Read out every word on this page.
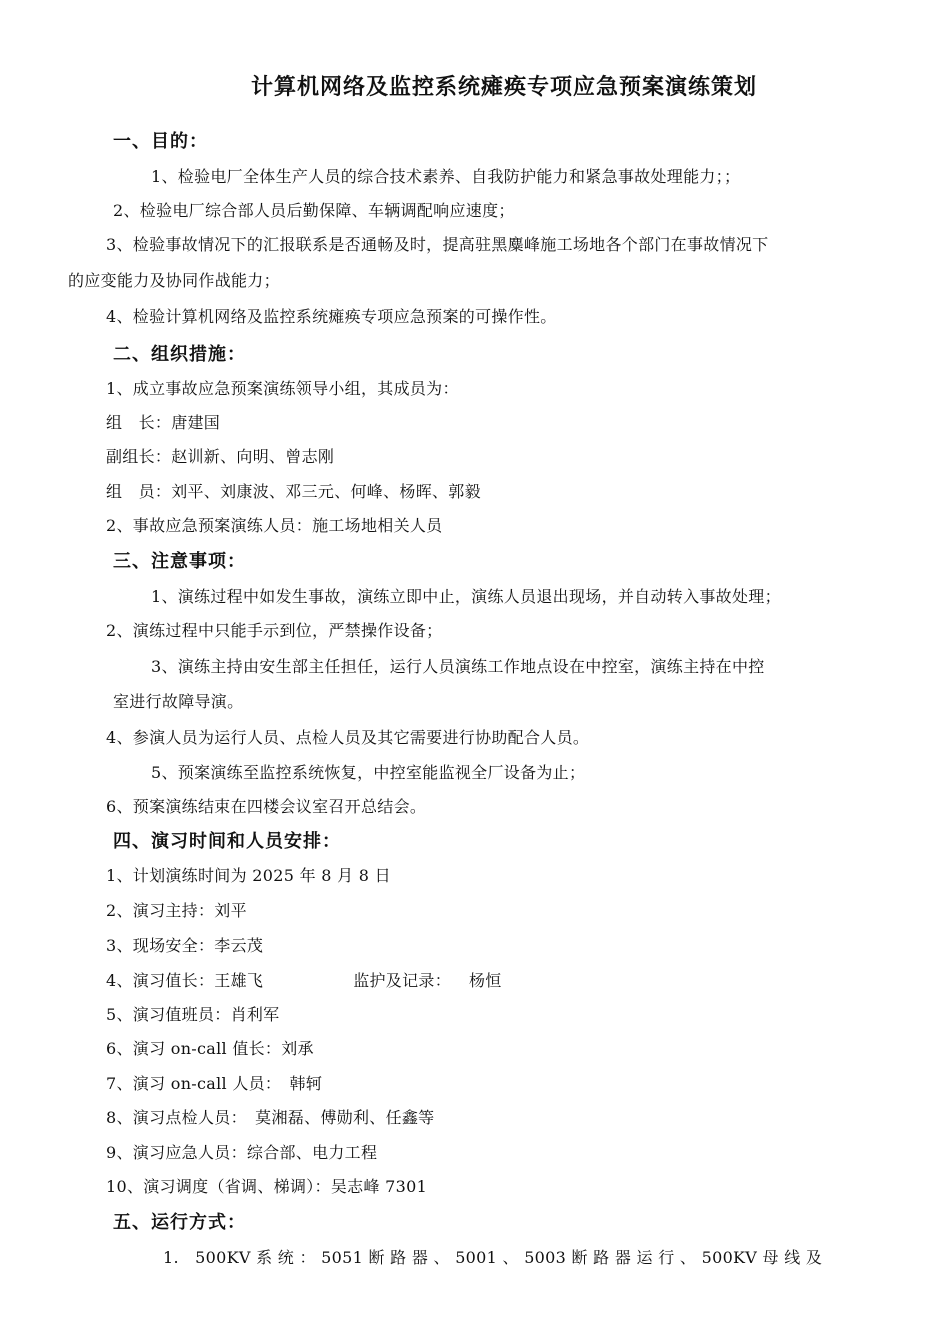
计算机网络及监控系统瘫痪专项应急预案演练策划
一、目的：
1、检验电厂全体生产人员的综合技术素养、自我防护能力和紧急事故处理能力；；
2、检验电厂综合部人员后勤保障、车辆调配响应速度；
3、检验事故情况下的汇报联系是否通畅及时，提高驻黑麋峰施工场地各个部门在事故情况下
的应变能力及协同作战能力；
4、检验计算机网络及监控系统瘫痪专项应急预案的可操作性。
二、组织措施：
1、成立事故应急预案演练领导小组，其成员为：
组　长：唐建国
副组长：赵训新、向明、曾志刚
组　员：刘平、刘康波、邓三元、何峰、杨晖、郭毅
2、事故应急预案演练人员：施工场地相关人员
三、注意事项：
1、演练过程中如发生事故，演练立即中止，演练人员退出现场，并自动转入事故处理；
2、演练过程中只能手示到位，严禁操作设备；
3、演练主持由安生部主任担任，运行人员演练工作地点设在中控室，演练主持在中控
室进行故障导演。
4、参演人员为运行人员、点检人员及其它需要进行协助配合人员。
5、预案演练至监控系统恢复，中控室能监视全厂设备为止；
6、预案演练结束在四楼会议室召开总结会。
四、演习时间和人员安排：
1、计划演练时间为 2025 年 8 月 8 日
2、演习主持：刘平
3、现场安全：李云茂
4、演习值长：王雄飞	监护及记录： 杨恒
5、演习值班员：肖利军
6、演习 on-call 值长：刘承
7、演习 on-call 人员：　韩轲
8、演习点检人员：　莫湘磊、傅勋利、任鑫等
9、演习应急人员：综合部、电力工程
10、演习调度（省调、梯调）：吴志峰 7301
五、运行方式：
1.　500KV 系 统 ： 5051 断 路 器 、 5001 、 5003 断 路 器 运 行 、 500KV 母 线 及
